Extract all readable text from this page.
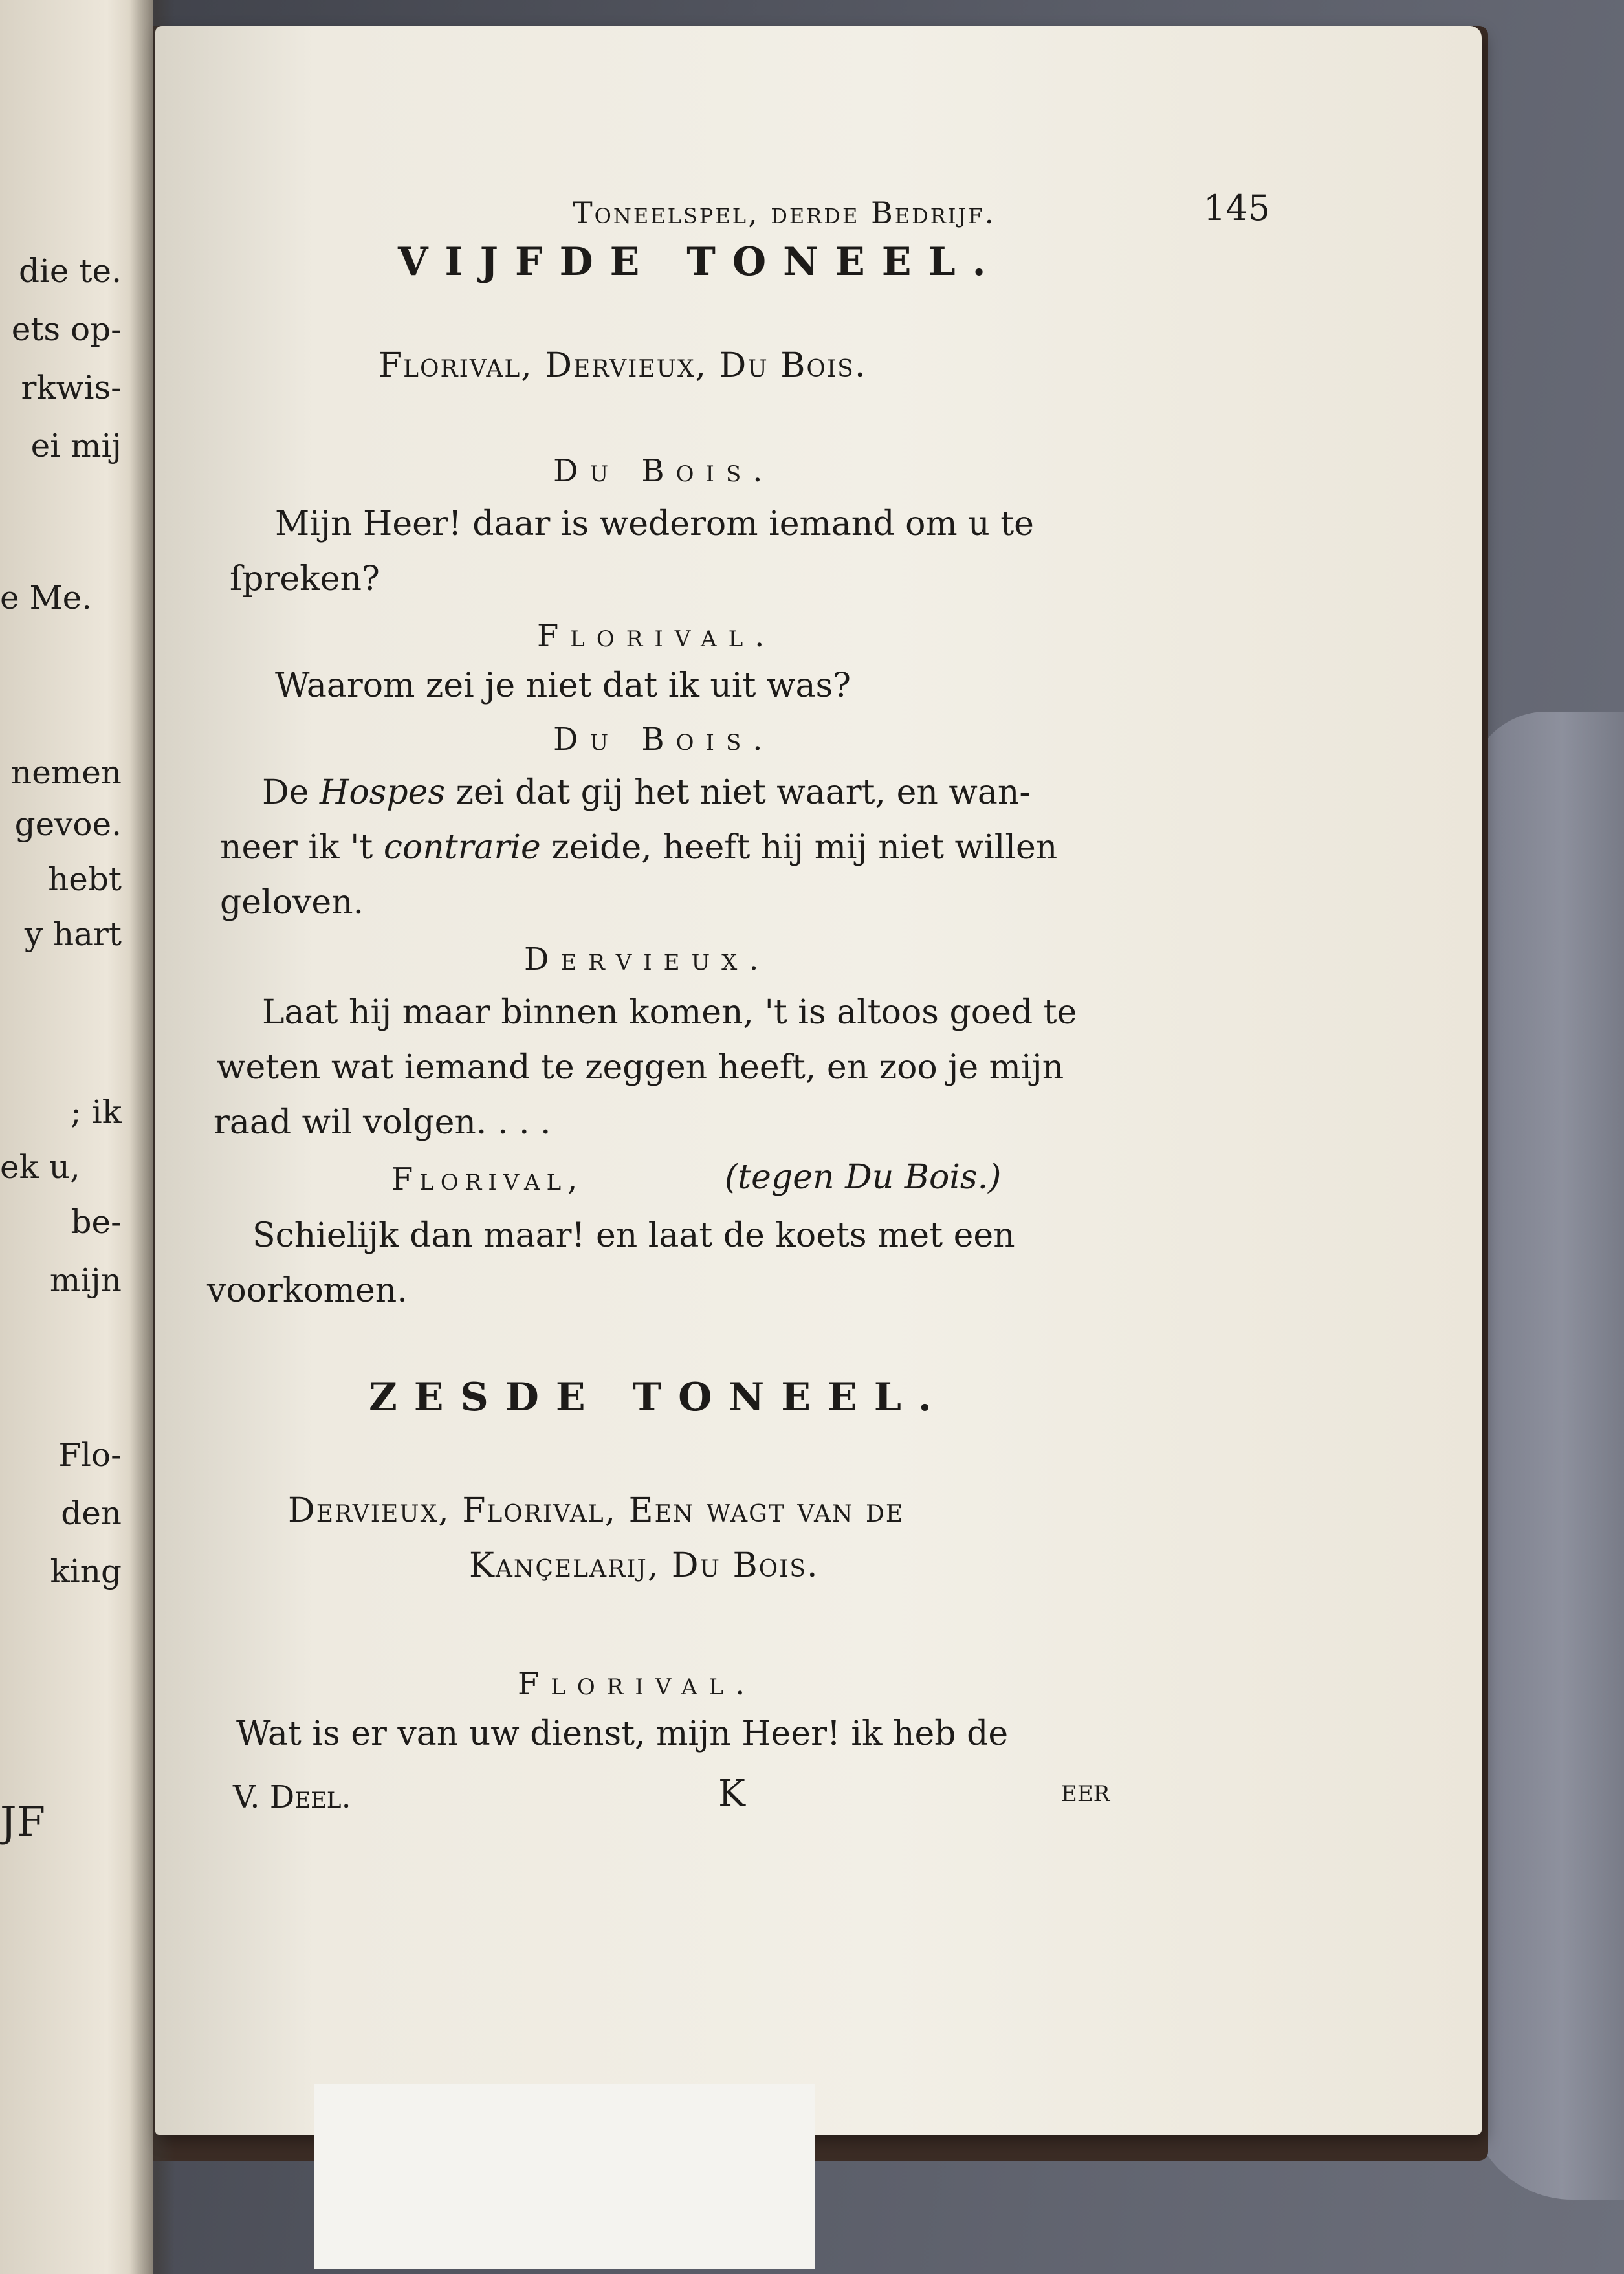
die te.
ets op-
rkwis-
ei mij
e Me.
nemen
gevoe.
hebt
y hart
; ik
ek u,
be-
mijn
Flo-
den
king
JF
Toneelspel, derde Bedrijf.	145
VIJFDE TONEEL.
Florival, Dervieux, Du Bois.
Du Bois.
Mijn Heer! daar is wederom iemand om u te
ſpreken?
Florival.
Waarom zei je niet dat ik uit was?
Du Bois.
De Hospes zei dat gij het niet waart, en wan-
neer ik 't contrarie zeide, heeft hij mij niet willen
geloven.
Dervieux.
Laat hij maar binnen komen, 't is altoos goed te
weten wat iemand te zeggen heeft, en zoo je mijn
raad wil volgen. . . .
Florival,	(tegen Du Bois.)
Schielijk dan maar! en laat de koets met een
voorkomen.
ZESDE TONEEL.
Dervieux, Florival, Een wagt van de
Kançelarij, Du Bois.
Florival.
Wat is er van uw dienst, mijn Heer! ik heb de
V. Deel.	K	eer
